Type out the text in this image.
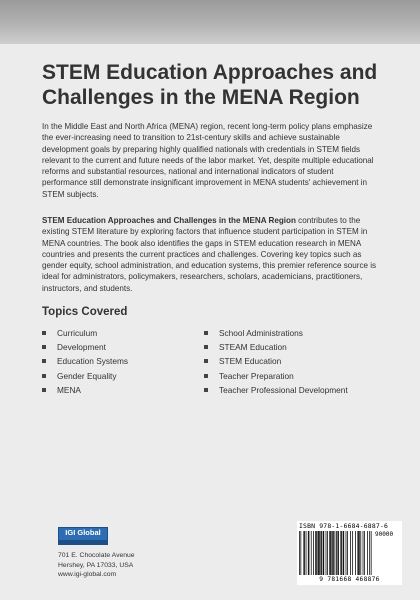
STEM Education Approaches and
Challenges in the MENA Region
In the Middle East and North Africa (MENA) region, recent long-term policy plans emphasize the ever-increasing need to transition to 21st-century skills and achieve sustainable development goals by preparing highly qualified nationals with credentials in STEM fields relevant to the current and future needs of the labor market. Yet, despite multiple educational reforms and substantial resources, national and international indicators of student performance still demonstrate insignificant improvement in MENA students' achievement in STEM subjects.
STEM Education Approaches and Challenges in the MENA Region contributes to the existing STEM literature by exploring factors that influence student participation in STEM in MENA countries. The book also identifies the gaps in STEM education research in MENA countries and presents the current practices and challenges. Covering key topics such as gender equity, school administration, and education systems, this premier reference source is ideal for administrators, policymakers, researchers, scholars, academicians, practitioners, instructors, and students.
Topics Covered
Curriculum
Development
Education Systems
Gender Equality
MENA
School Administrations
STEAM Education
STEM Education
Teacher Preparation
Teacher Professional Development
IGI Global
701 E. Chocolate Avenue
Hershey, PA 17033, USA
www.igi-global.com
ISBN 978-1-6684-6887-6
90000
9 781668 468876
